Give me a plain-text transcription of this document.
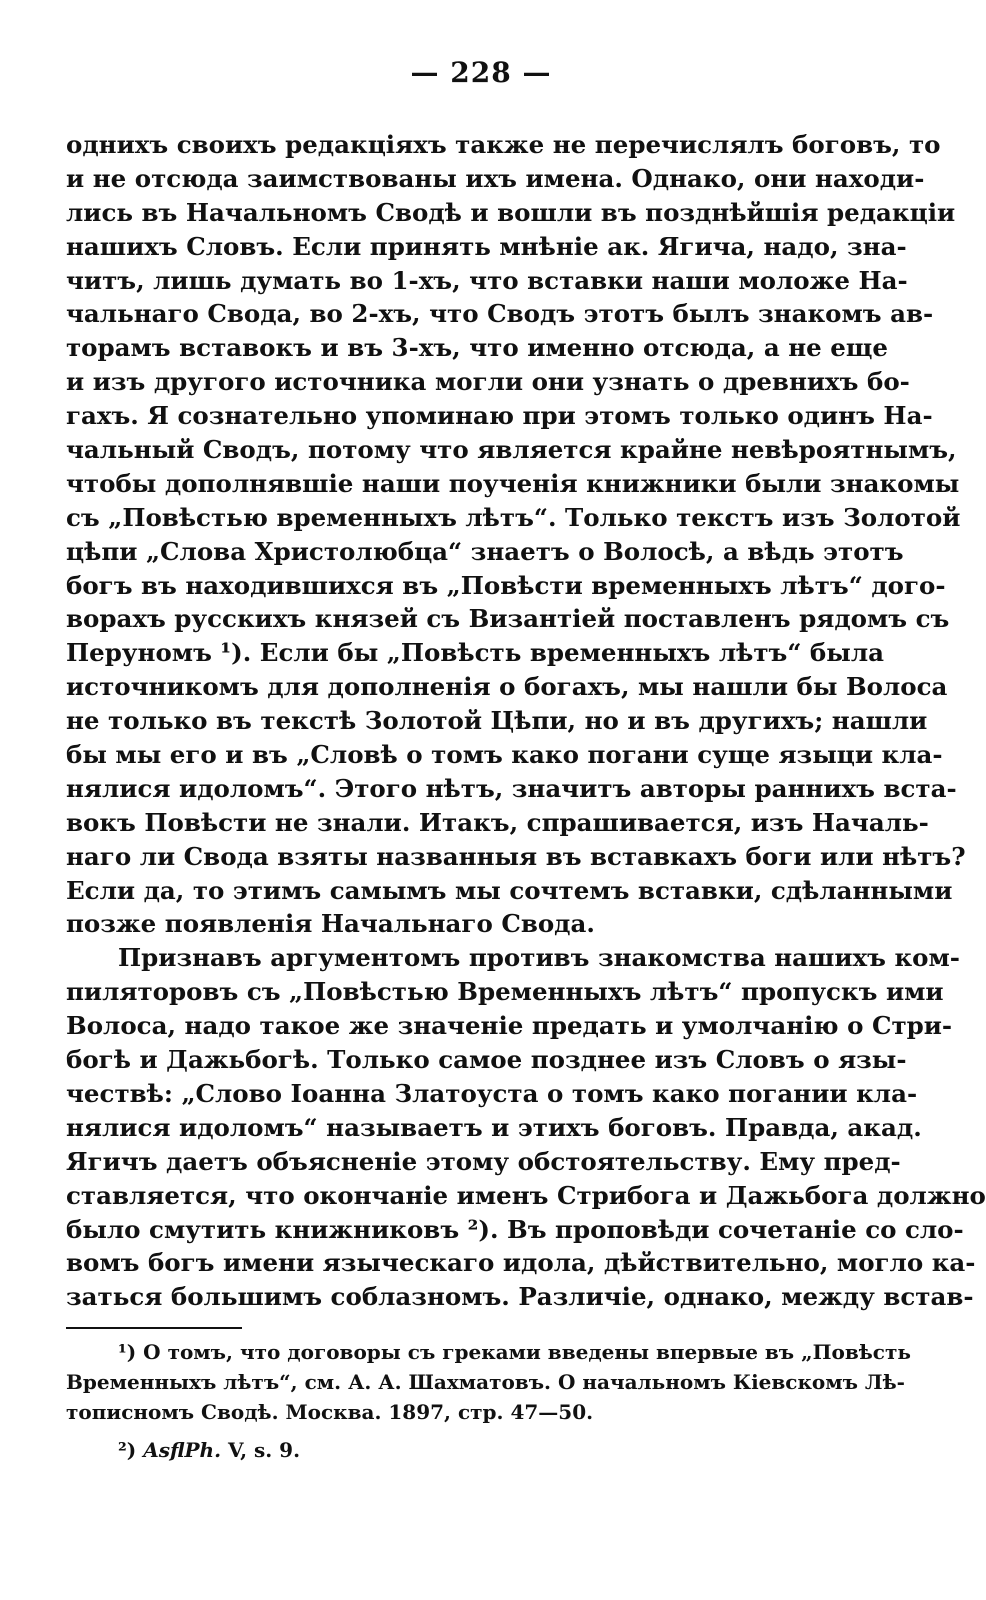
— 228 —
однихъ своихъ редакціяхъ также не перечислялъ боговъ, то
и не отсюда заимствованы ихъ имена. Однако, они находи-
лись въ Начальномъ Сводѣ и вошли въ позднѣйшія редакціи
нашихъ Словъ. Если принять мнѣніе ак. Ягича, надо, зна-
читъ, лишь думать во 1-хъ, что вставки наши моложе На-
чальнаго Свода, во 2-хъ, что Сводъ этотъ былъ знакомъ ав-
торамъ вставокъ и въ 3-хъ, что именно отсюда, а не еще
и изъ другого источника могли они узнать о древнихъ бо-
гахъ. Я сознательно упоминаю при этомъ только одинъ На-
чальный Сводъ, потому что является крайне невѣроятнымъ,
чтобы дополнявшіе наши поученія книжники были знакомы
съ „Повѣстью временныхъ лѣтъ“. Только текстъ изъ Золотой
цѣпи „Слова Христолюбца“ знаетъ о Волосѣ, а вѣдь этотъ
богъ въ находившихся въ „Повѣсти временныхъ лѣтъ“ дого-
ворахъ русскихъ князей съ Византіей поставленъ рядомъ съ
Перуномъ ¹). Если бы „Повѣсть временныхъ лѣтъ“ была
источникомъ для дополненія о богахъ, мы нашли бы Волоса
не только въ текстѣ Золотой Цѣпи, но и въ другихъ; нашли
бы мы его и въ „Словѣ о томъ како погани суще языци кла-
нялися идоломъ“. Этого нѣтъ, значитъ авторы раннихъ вста-
вокъ Повѣсти не знали. Итакъ, спрашивается, изъ Началь-
наго ли Свода взяты названныя въ вставкахъ боги или нѣтъ?
Если да, то этимъ самымъ мы сочтемъ вставки, сдѣланными
позже появленія Начальнаго Свода.
Признавъ аргументомъ противъ знакомства нашихъ ком-
пиляторовъ съ „Повѣстью Временныхъ лѣтъ“ пропускъ ими
Волоса, надо такое же значеніе предать и умолчанію о Стри-
богѣ и Дажьбогѣ. Только самое позднее изъ Словъ о язы-
чествѣ: „Слово Іоанна Златоуста о томъ како погании кла-
нялися идоломъ“ называетъ и этихъ боговъ. Правда, акад.
Ягичъ даетъ объясненіе этому обстоятельству. Ему пред-
ставляется, что окончаніе именъ Стрибога и Дажьбога должно
было смутить книжниковъ ²). Въ проповѣди сочетаніе со сло-
вомъ богъ имени языческаго идола, дѣйствительно, могло ка-
заться большимъ соблазномъ. Различіе, однако, между встав-
¹) О томъ, что договоры съ греками введены впервые въ „Повѣсть
Временныхъ лѣтъ“, см. А. А. Шахматовъ. О начальномъ Кіевскомъ Лѣ-
тописномъ Сводѣ. Москва. 1897, стр. 47—50.
²) AsflPh. V, s. 9.
